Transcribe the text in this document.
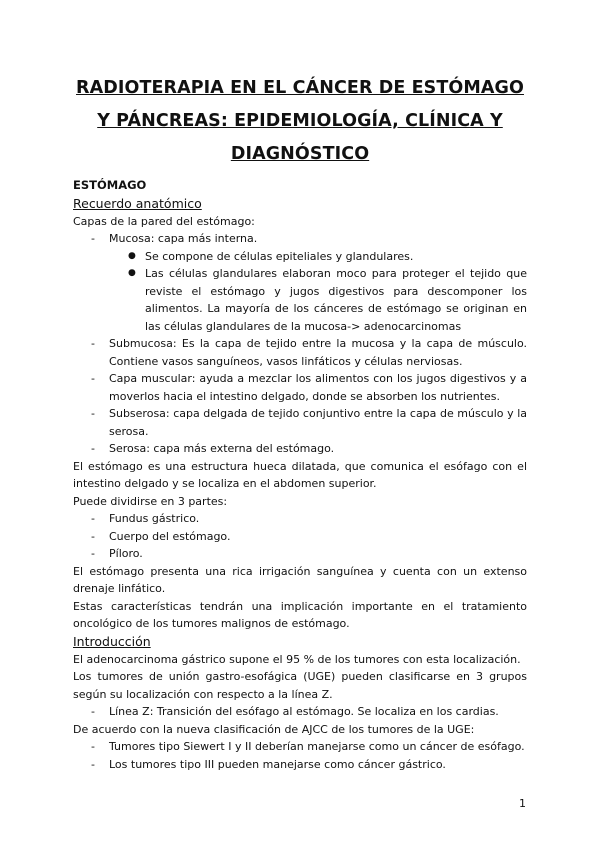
RADIOTERAPIA EN EL CÁNCER DE ESTÓMAGO
Y PÁNCREAS: EPIDEMIOLOGÍA, CLÍNICA Y
DIAGNÓSTICO
ESTÓMAGO
Recuerdo anatómico

Capas de la pared del estómago:

- Mucosa: capa más interna.
● Se compone de células epiteliales y glandulares.
● Las células glandulares elaboran moco para proteger el tejido que reviste el estómago y jugos digestivos para descomponer los alimentos. La mayoría de los cánceres de estómago se originan en las células glandulares de la mucosa-> adenocarcinomas
- Submucosa: Es la capa de tejido entre la mucosa y la capa de músculo. Contiene vasos sanguíneos, vasos linfáticos y células nerviosas.
- Capa muscular: ayuda a mezclar los alimentos con los jugos digestivos y a moverlos hacia el intestino delgado, donde se absorben los nutrientes.
- Subserosa: capa delgada de tejido conjuntivo entre la capa de músculo y la serosa.
- Serosa: capa más externa del estómago.

El estómago es una estructura hueca dilatada, que comunica el esófago con el intestino delgado y se localiza en el abdomen superior.

Puede dividirse en 3 partes:

- Fundus gástrico.
- Cuerpo del estómago.
- Píloro.

El estómago presenta una rica irrigación sanguínea y cuenta con un extenso drenaje linfático.

Estas características tendrán una implicación importante en el tratamiento oncológico de los tumores malignos de estómago.

Introducción

El adenocarcinoma gástrico supone el 95 % de los tumores con esta localización.

Los tumores de unión gastro-esofágica (UGE) pueden clasificarse en 3 grupos según su localización con respecto a la línea Z.

- Línea Z: Transición del esófago al estómago. Se localiza en los cardias.

De acuerdo con la nueva clasificación de AJCC de los tumores de la UGE:

- Tumores tipo Siewert I y II deberían manejarse como un cáncer de esófago.
- Los tumores tipo III pueden manejarse como cáncer gástrico.
1
